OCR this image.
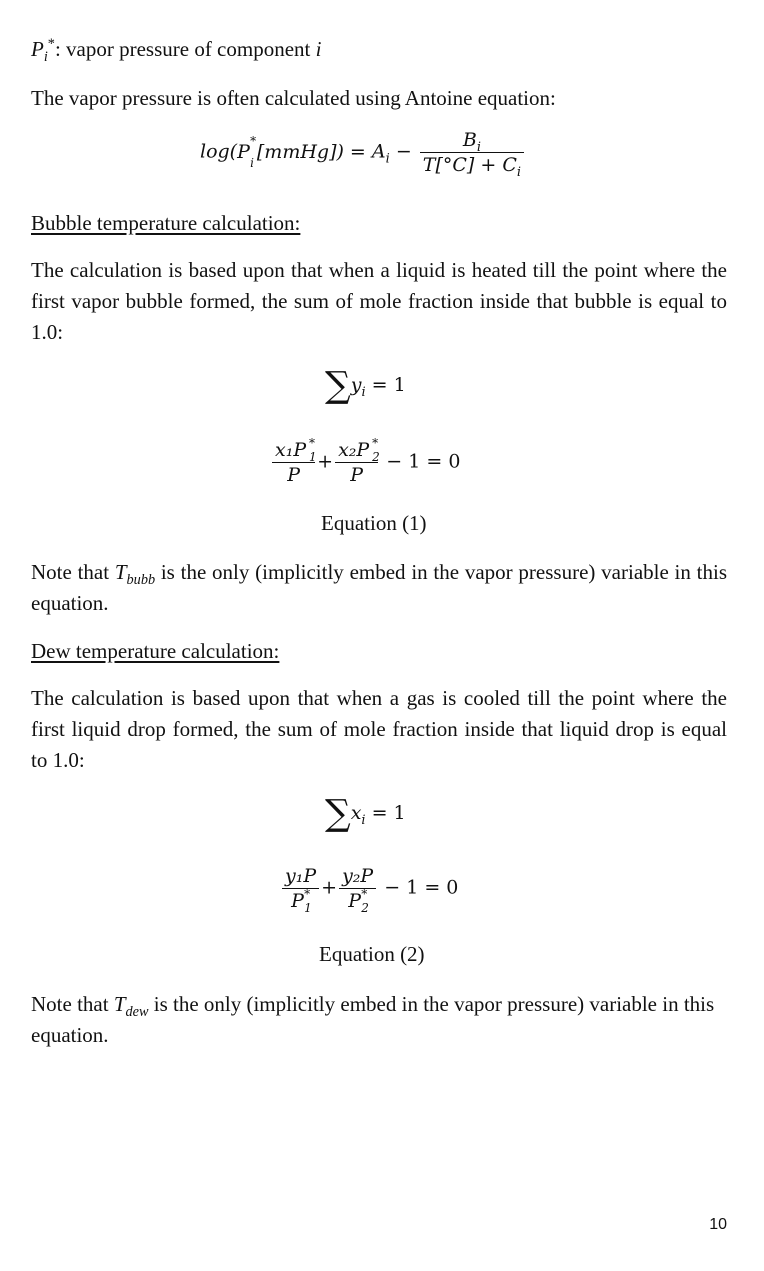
$P_i^*$: vapor pressure of component i
The vapor pressure is often calculated using Antoine equation:
log(P *
i [mmHg]) = $A_i - \frac{B_i}{T[^\circ C] + C_i}$
Bubble temperature calculation:
The calculation is based upon that when a liquid is heated till the point where the first vapor bubble formed, the sum of mole fraction inside that bubble is equal to 1.0:
$\sum y_i = 1$
x₁P *
1

P + x₂P *
2

P − 1 = 0
Equation (1)
Note that $T_{bubb}$ is the only (implicitly embed in the vapor pressure) variable in this equation.
Dew temperature calculation:
The calculation is based upon that when a gas is cooled till the point where the first liquid drop formed, the sum of mole fraction inside that liquid drop is equal to 1.0:
$\sum x_i = 1$
y₁P
P *
1
+ y₂P
P *
2
− 1 = 0
Equation (2)
Note that $T_{dew}$ is the only (implicitly embed in the vapor pressure) variable in this equation.
10
